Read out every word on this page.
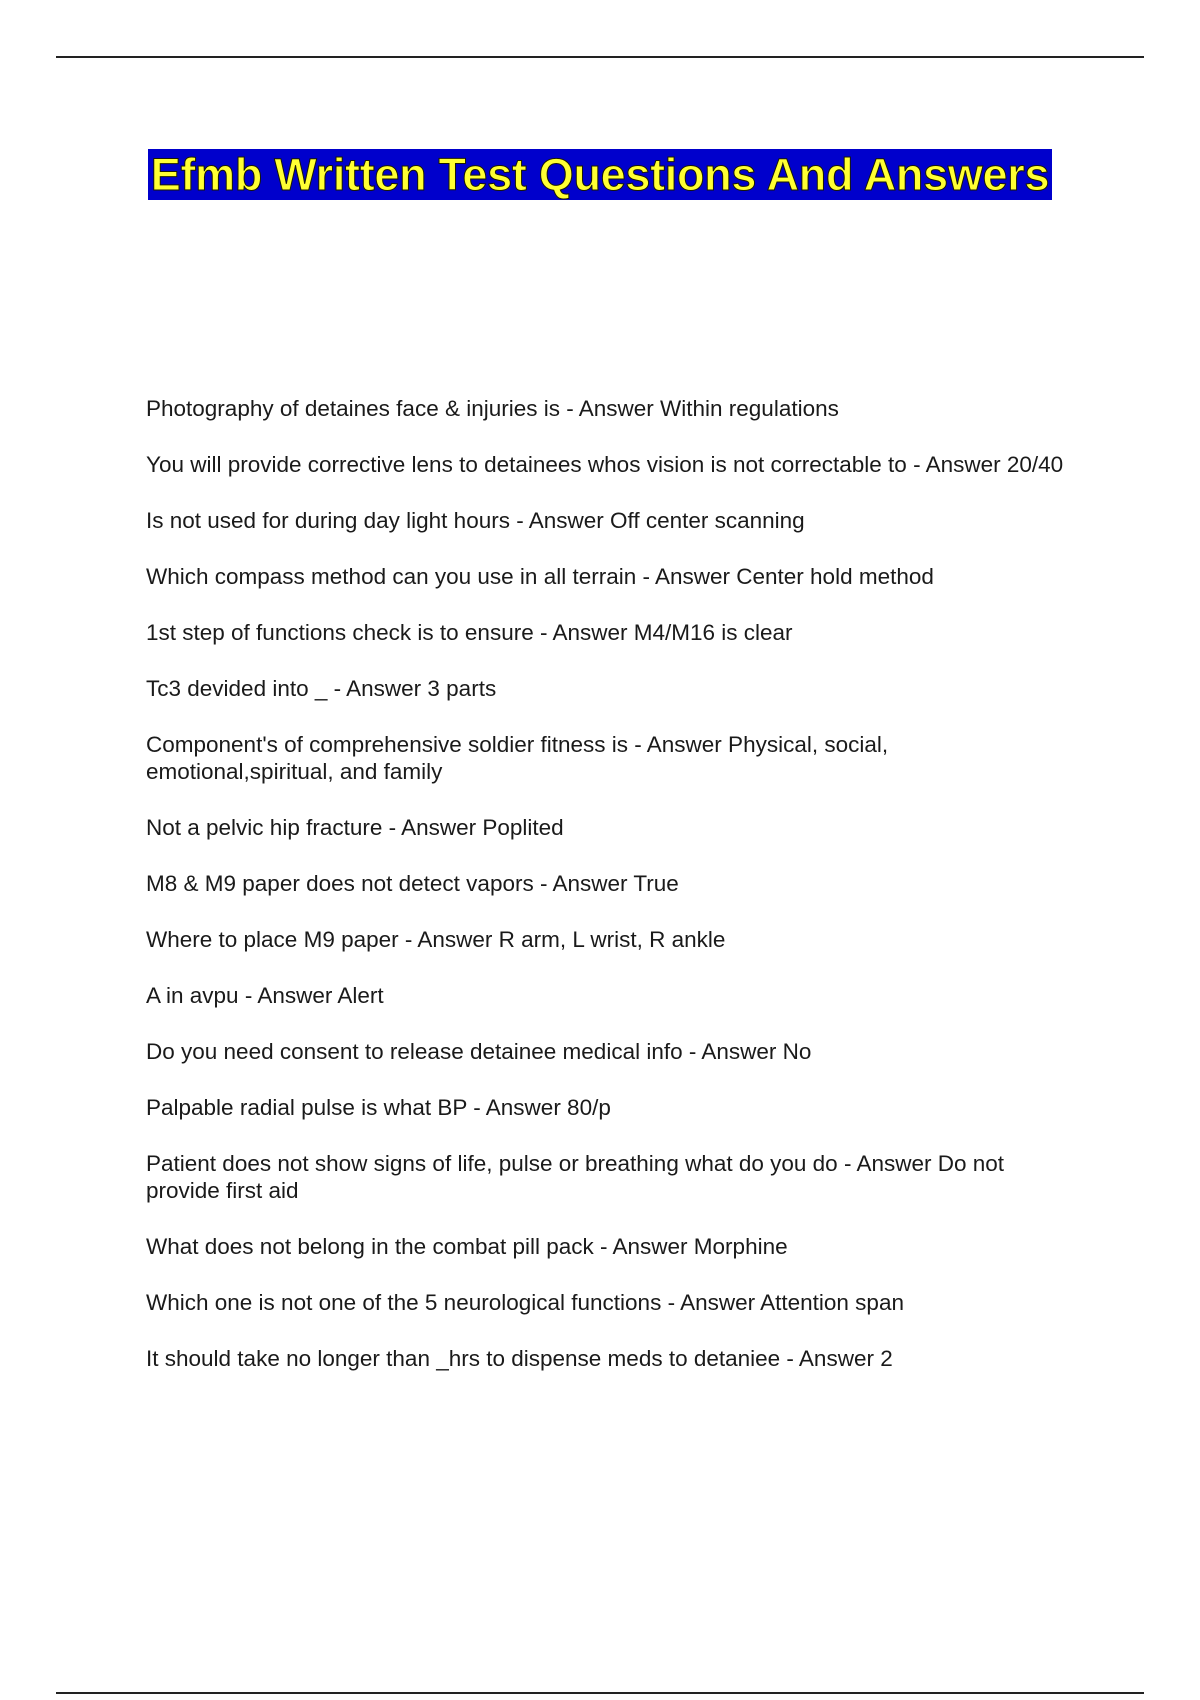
Efmb Written Test Questions And Answers
Photography of detaines face & injuries is - Answer Within regulations
You will provide corrective lens to detainees whos vision is not correctable to - Answer 20/40
Is not used for during day light hours - Answer Off center scanning
Which compass method can you use in all terrain - Answer Center hold method
1st step of functions check is to ensure - Answer M4/M16 is clear
Tc3 devided into _ - Answer 3 parts
Component's of comprehensive soldier fitness is - Answer Physical, social, emotional,spiritual, and family
Not a pelvic hip fracture - Answer Poplited
M8 & M9 paper does not detect vapors - Answer True
Where to place M9 paper - Answer R arm, L wrist, R ankle
A in avpu - Answer Alert
Do you need consent to release detainee medical info - Answer No
Palpable radial pulse is what BP - Answer 80/p
Patient does not show signs of life, pulse or breathing what do you do - Answer Do not provide first aid
What does not belong in the combat pill pack - Answer Morphine
Which one is not one of the 5 neurological functions - Answer Attention span
It should take no longer than _hrs to dispense meds to detaniee - Answer 2
